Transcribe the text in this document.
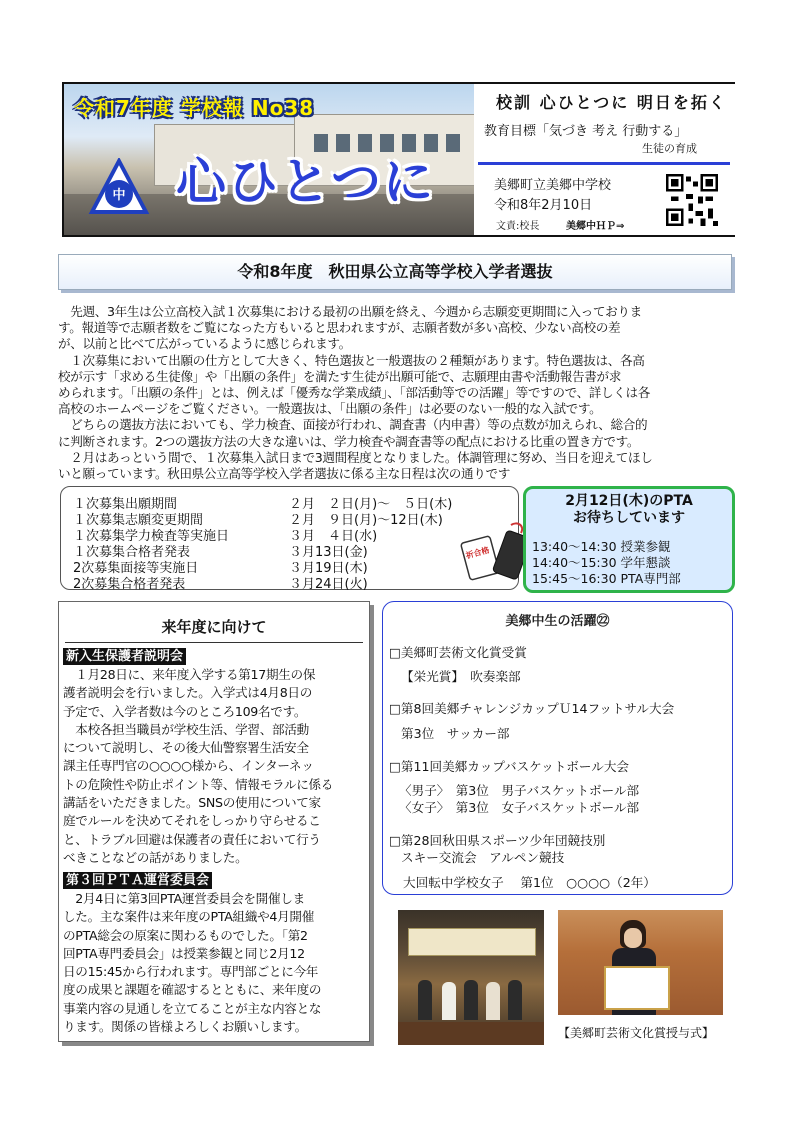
令和7年度 学校報 No38
中 心ひとつに
校訓 心ひとつに 明日を拓く
教育目標「気づき 考え 行動する」
生徒の育成
美郷町立美郷中学校
令和8年2月10日
文責:校長	美郷中ＨＰ⇒
令和8年度　秋田県公立高等学校入学者選抜

　先週、3年生は公立高校入試１次募集における最初の出願を終え、今週から志願変更期間に入っておりま

す。報道等で志願者数をご覧になった方もいると思われますが、志願者数が多い高校、少ない高校の差

が、以前と比べて広がっているように感じられます。

　１次募集において出願の仕方として大きく、特色選抜と一般選抜の２種類があります。特色選抜は、各高

校が示す「求める生徒像」や「出願の条件」を満たす生徒が出願可能で、志願理由書や活動報告書が求

められます。「出願の条件」とは、例えば「優秀な学業成績」、「部活動等での活躍」等ですので、詳しくは各

高校のホームページをご覧ください。一般選抜は、「出願の条件」は必要のない一般的な入試です。

　どちらの選抜方法においても、学力検査、面接が行われ、調査書（内申書）等の点数が加えられ、総合的

に判断されます。2つの選抜方法の大きな違いは、学力検査や調査書等の配点における比重の置き方です。

　２月はあっという間で、１次募集入試日まで3週間程度となりました。体調管理に努め、当日を迎えてほし

いと願っています。秋田県公立高等学校入学者選抜に係る主な日程は次の通りです

１次募集出願期間	２月　２日(月)～　５日(木)
１次募集志願変更期間	２月　９日(月)～12日(木)
１次募集学力検査等実施日	３月　４日(水)
１次募集合格者発表	３月13日(金)
2次募集面接等実施日	３月19日(木)
2次募集合格者発表	３月24日(火)
祈合格
2月12日(木)のPTA
お待ちしています
13:40～14:30 授業参観
14:40～15:30 学年懇談
15:45～16:30 PTA専門部
来年度に向けて
新入生保護者説明会

　１月28日に、来年度入学する第17期生の保

護者説明会を行いました。入学式は4月8日の

予定で、入学者数は今のところ109名です。

　本校各担当職員が学校生活、学習、部活動

について説明し、その後大仙警察署生活安全

課主任専門官の○○○○様から、インターネッ

トの危険性や防止ポイント等、情報モラルに係る

講話をいただきました。SNSの使用について家

庭でルールを決めてそれをしっかり守らせるこ

と、トラブル回避は保護者の責任において行う

べきことなどの話がありました。

第３回ＰＴＡ運営委員会

　2月4日に第3回PTA運営委員会を開催しま

した。主な案件は来年度のPTA組織や4月開催

のPTA総会の原案に関わるものでした。「第2

回PTA専門委員会」は授業参観と同じ2月12

日の15:45から行われます。専門部ごとに今年

度の成果と課題を確認するとともに、来年度の

事業内容の見通しを立てることが主な内容とな

ります。関係の皆様よろしくお願いします。

美郷中生の活躍㉒
□美郷町芸術文化賞受賞
【栄光賞】　吹奏楽部
□第8回美郷チャレンジカップＵ14フットサル大会
第3位　サッカー部
□第11回美郷カップバスケットボール大会
〈男子〉　第3位　男子バスケットボール部
〈女子〉　第3位　女子バスケットボール部
□第28回秋田県スポーツ少年団競技別
スキー交流会　アルペン競技
大回転中学校女子　 第1位　○○○○（2年）
【美郷町芸術文化賞授与式】
